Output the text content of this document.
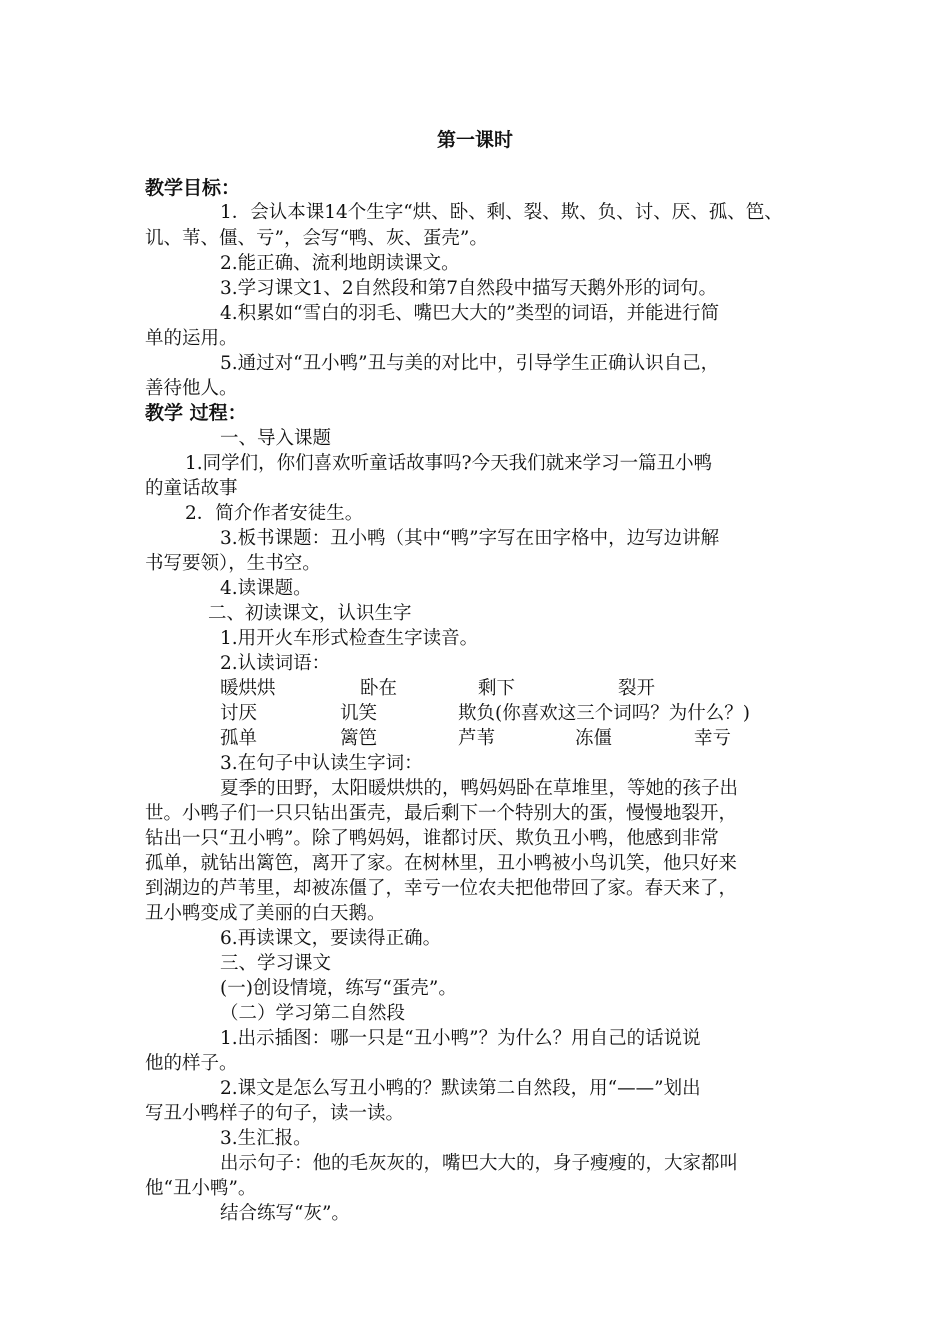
第一课时
教学目标：
1．会认本课14个生字“烘、卧、剩、裂、欺、负、讨、厌、孤、笆、
讥、苇、僵、亏”，会写“鸭、灰、蛋壳”。
2.能正确、流利地朗读课文。
3.学习课文1、2自然段和第7自然段中描写天鹅外形的词句。
4.积累如“雪白的羽毛、嘴巴大大的”类型的词语，并能进行简
单的运用。
5.通过对“丑小鸭”丑与美的对比中，引导学生正确认识自己，
善待他人。
教学 过程：
一、导入课题
1.同学们，你们喜欢听童话故事吗?今天我们就来学习一篇丑小鸭
的童话故事
2．简介作者安徒生。
3.板书课题：丑小鸭（其中“鸭”字写在田字格中，边写边讲解
书写要领），生书空。
4.读课题。
二、初读课文，认识生字
1.用开火车形式检查生字读音。
2.认读词语：
暖烘烘	卧在	剩下	裂开
讨厌	讥笑	欺负(你喜欢这三个词吗？为什么？)
孤单	篱笆	芦苇	冻僵	幸亏
3.在句子中认读生字词：
夏季的田野，太阳暖烘烘的，鸭妈妈卧在草堆里，等她的孩子出
世。小鸭子们一只只钻出蛋壳，最后剩下一个特别大的蛋，慢慢地裂开，
钻出一只“丑小鸭”。除了鸭妈妈，谁都讨厌、欺负丑小鸭，他感到非常
孤单，就钻出篱笆，离开了家。在树林里，丑小鸭被小鸟讥笑，他只好来
到湖边的芦苇里，却被冻僵了，幸亏一位农夫把他带回了家。春天来了，
丑小鸭变成了美丽的白天鹅。
6.再读课文，要读得正确。
三、学习课文
(一)创设情境，练写“蛋壳”。
（二）学习第二自然段
1.出示插图：哪一只是“丑小鸭”？为什么？用自己的话说说
他的样子。
2.课文是怎么写丑小鸭的？默读第二自然段，用“——”划出
写丑小鸭样子的句子，读一读。
3.生汇报。
出示句子：他的毛灰灰的，嘴巴大大的，身子瘦瘦的，大家都叫
他“丑小鸭”。
结合练写“灰”。
